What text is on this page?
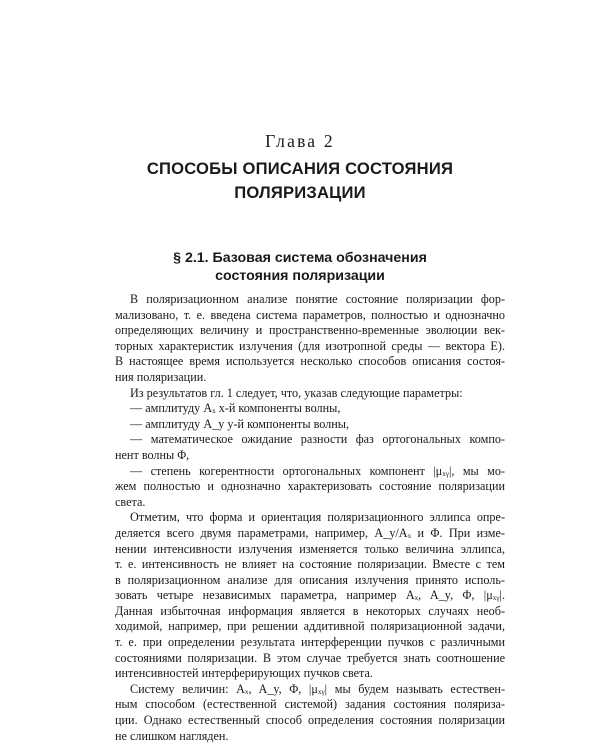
Глава 2
СПОСОБЫ ОПИСАНИЯ СОСТОЯНИЯ
ПОЛЯРИЗАЦИИ
§ 2.1. Базовая система обозначения
состояния поляризации
В поляризационном анализе понятие состояние поляризации фор-
мализовано, т. е. введена система параметров, полностью и однозначно
определяющих величину и пространственно-временные эволюции век-
торных характеристик излучения (для изотропной среды — вектора E).
В настоящее время используется несколько способов описания состоя-
ния поляризации.
Из результатов гл. 1 следует, что, указав следующие параметры:
— амплитуду Aₓ x-й компоненты волны,
— амплитуду A_y y-й компоненты волны,
— математическое ожидание разности фаз ортогональных компо-
нент волны Φ,
— степень когерентности ортогональных компонент |μₓᵧ|, мы мо-
жем полностью и однозначно характеризовать состояние поляризации
света.
Отметим, что форма и ориентация поляризационного эллипса опре-
деляется всего двумя параметрами, например, A_y/Aₓ и Φ. При изме-
нении интенсивности излучения изменяется только величина эллипса,
т. е. интенсивность не влияет на состояние поляризации. Вместе с тем
в поляризационном анализе для описания излучения принято исполь-
зовать четыре независимых параметра, например Aₓ, A_y, Φ, |μₓᵧ|.
Данная избыточная информация является в некоторых случаях необ-
ходимой, например, при решении аддитивной поляризационной задачи,
т. е. при определении результата интерференции пучков с различными
состояниями поляризации. В этом случае требуется знать соотношение
интенсивностей интерферирующих пучков света.
Систему величин: Aₓ, A_y, Φ, |μₓᵧ| мы будем называть естествен-
ным способом (естественной системой) задания состояния поляриза-
ции. Однако естественный способ определения состояния поляризации
не слишком нагляден.
